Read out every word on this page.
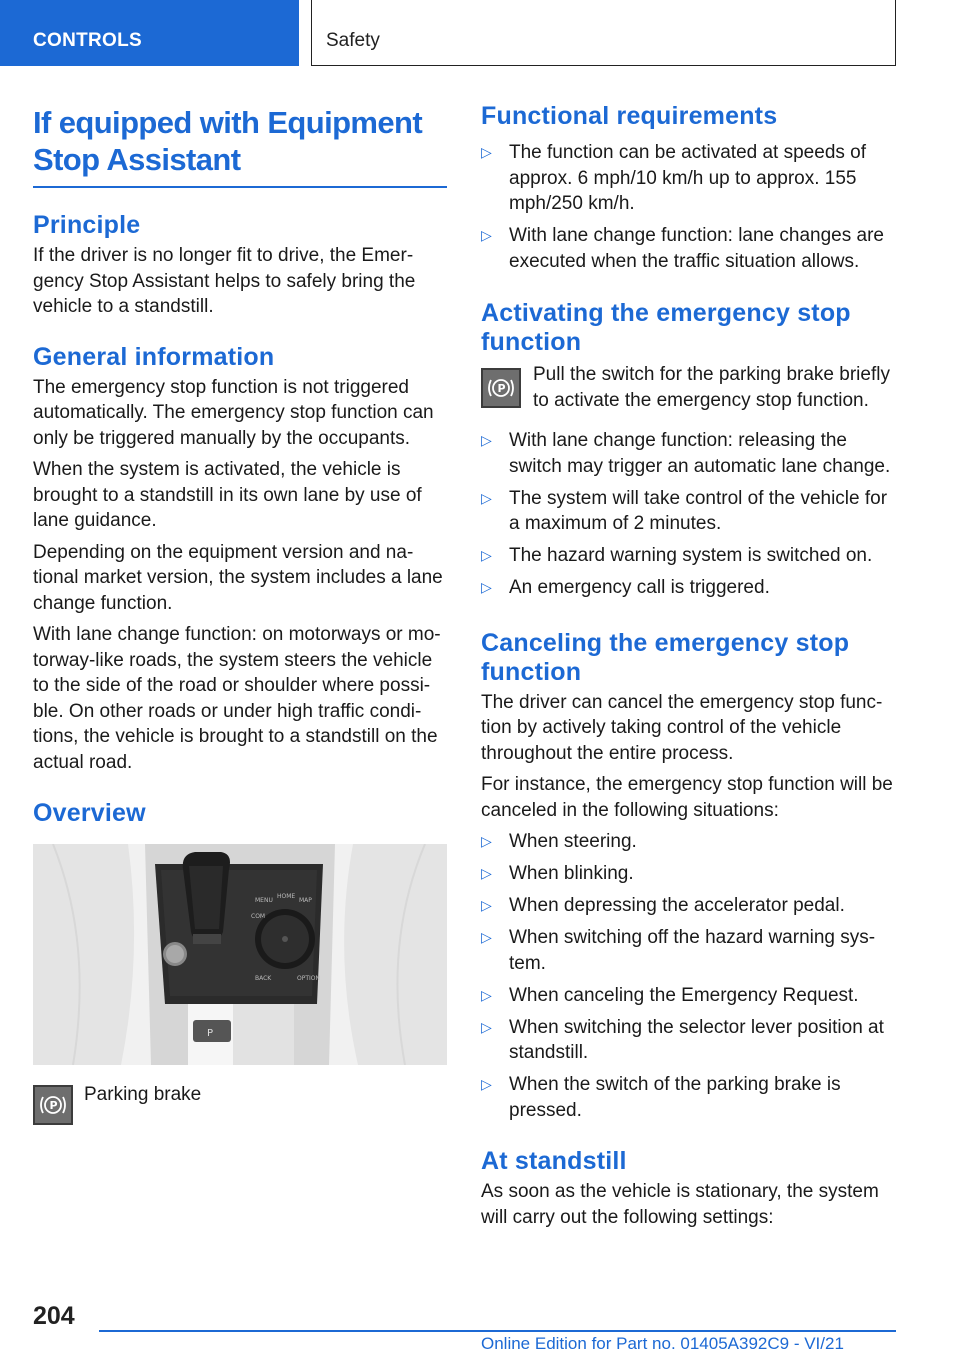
CONTROLS	Safety
If equipped with Equipment Stop Assistant
Principle
If the driver is no longer fit to drive, the Emer‐gency Stop Assistant helps to safely bring the vehicle to a standstill.
General information
The emergency stop function is not triggered automatically. The emergency stop function can only be triggered manually by the occupants.
When the system is activated, the vehicle is brought to a standstill in its own lane by use of lane guidance.
Depending on the equipment version and na‐tional market version, the system includes a lane change function.
With lane change function: on motorways or mo‐torway-like roads, the system steers the vehicle to the side of the road or shoulder where possi‐ble. On other roads or under high traffic condi‐tions, the vehicle is brought to a standstill on the actual road.
Overview
P
MENU
HOME
MAP
COM
BACK	OPTION
P
Parking brake
Functional requirements
▷ The function can be activated at speeds of approx. 6 mph/10 km/h up to approx. 155 mph/250 km/h.
▷ With lane change function: lane changes are executed when the traffic situation allows.
Activating the emergency stop function
P
Pull the switch for the parking brake briefly to activate the emergency stop function.
▷ With lane change function: releasing the switch may trigger an automatic lane change.
▷ The system will take control of the vehicle for a maximum of 2 minutes.
▷ The hazard warning system is switched on.
▷ An emergency call is triggered.
Canceling the emergency stop function
The driver can cancel the emergency stop func‐tion by actively taking control of the vehicle throughout the entire process.
For instance, the emergency stop function will be canceled in the following situations:
▷ When steering.
▷ When blinking.
▷ When depressing the accelerator pedal.
▷ When switching off the hazard warning sys‐tem.
▷ When canceling the Emergency Request.
▷ When switching the selector lever position at standstill.
▷ When the switch of the parking brake is pressed.
At standstill
As soon as the vehicle is stationary, the system will carry out the following settings:
204
Online Edition for Part no. 01405A392C9 - VI/21
